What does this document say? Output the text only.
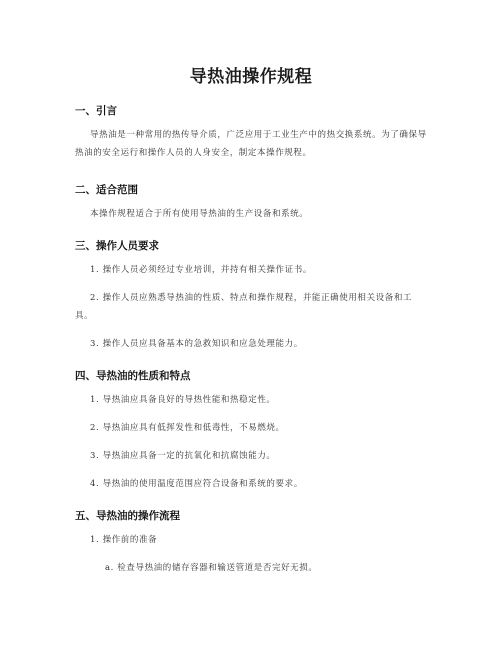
导热油操作规程
一、引言
导热油是一种常用的热传导介质，广泛应用于工业生产中的热交换系统。为了确保导热油的安全运行和操作人员的人身安全，制定本操作规程。
二、适合范围
本操作规程适合于所有使用导热油的生产设备和系统。
三、操作人员要求
1. 操作人员必须经过专业培训，并持有相关操作证书。
2. 操作人员应熟悉导热油的性质、特点和操作规程，并能正确使用相关设备和工具。
3. 操作人员应具备基本的急救知识和应急处理能力。
四、导热油的性质和特点
1. 导热油应具备良好的导热性能和热稳定性。
2. 导热油应具有低挥发性和低毒性，不易燃烧。
3. 导热油应具备一定的抗氧化和抗腐蚀能力。
4. 导热油的使用温度范围应符合设备和系统的要求。
五、导热油的操作流程
1. 操作前的准备
a. 检查导热油的储存容器和输送管道是否完好无损。
